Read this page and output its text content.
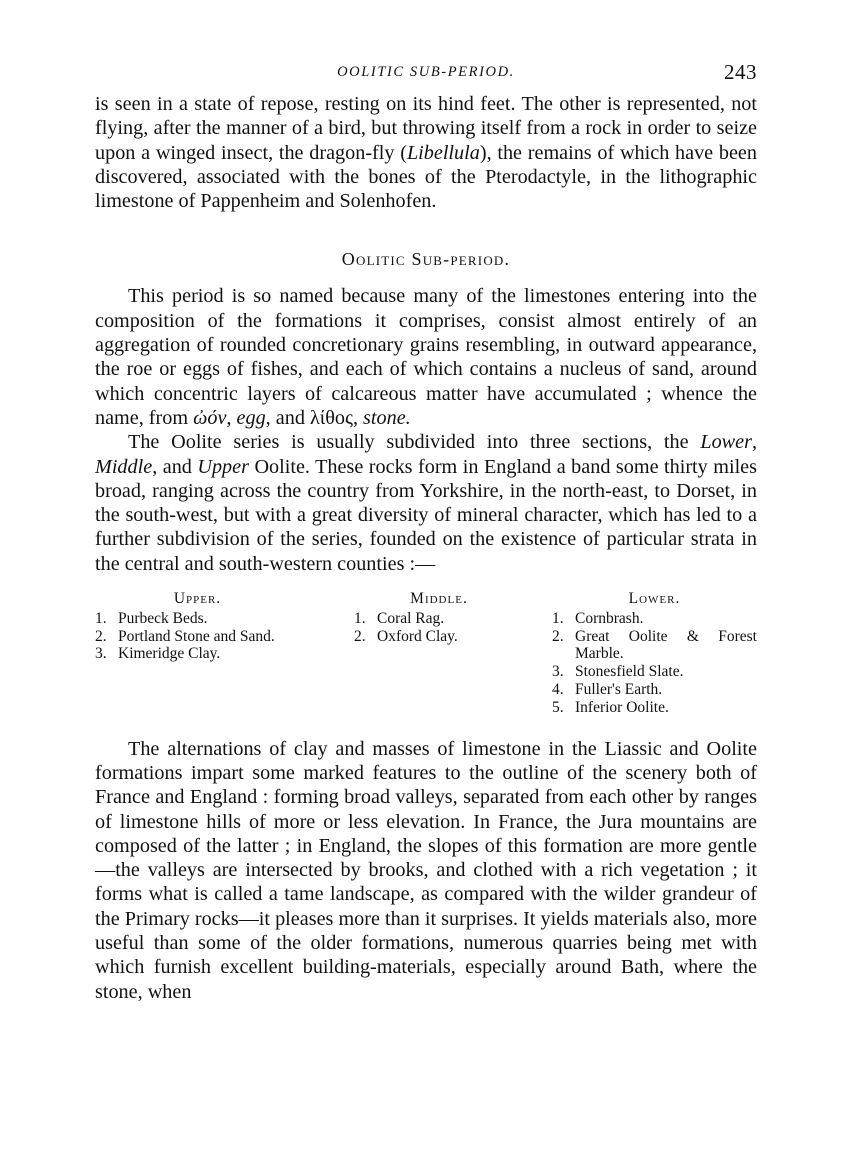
OOLITIC SUB-PERIOD.	243

is seen in a state of repose, resting on its hind feet. The other is represented, not flying, after the manner of a bird, but throwing itself from a rock in order to seize upon a winged insect, the dragon-fly (Libellula), the remains of which have been discovered, associated with the bones of the Pterodactyle, in the lithographic limestone of Pappenheim and Solenhofen.

Oolitic Sub-period.

This period is so named because many of the limestones entering into the composition of the formations it comprises, consist almost entirely of an aggregation of rounded concretionary grains resembling, in outward appearance, the roe or eggs of fishes, and each of which contains a nucleus of sand, around which concentric layers of calcareous matter have accumulated ; whence the name, from ὠόν, egg, and λίθος, stone.

The Oolite series is usually subdivided into three sections, the Lower, Middle, and Upper Oolite. These rocks form in England a band some thirty miles broad, ranging across the country from Yorkshire, in the north-east, to Dorset, in the south-west, but with a great diversity of mineral character, which has led to a further subdivision of the series, founded on the existence of particular strata in the central and south-western counties :—

Upper.
1. Purbeck Beds.
2. Portland Stone and Sand.
3. Kimeridge Clay.
Middle.
1. Coral Rag.
2. Oxford Clay.
Lower.
1. Cornbrash.
2. Great Oolite & Forest Marble.
3. Stonesfield Slate.
4. Fuller's Earth.
5. Inferior Oolite.

The alternations of clay and masses of limestone in the Liassic and Oolite formations impart some marked features to the outline of the scenery both of France and England : forming broad valleys, separated from each other by ranges of limestone hills of more or less elevation. In France, the Jura mountains are composed of the latter ; in England, the slopes of this formation are more gentle—the valleys are intersected by brooks, and clothed with a rich vegetation ; it forms what is called a tame landscape, as compared with the wilder grandeur of the Primary rocks—it pleases more than it surprises. It yields materials also, more useful than some of the older formations, numerous quarries being met with which furnish excellent building-materials, especially around Bath, where the stone, when
